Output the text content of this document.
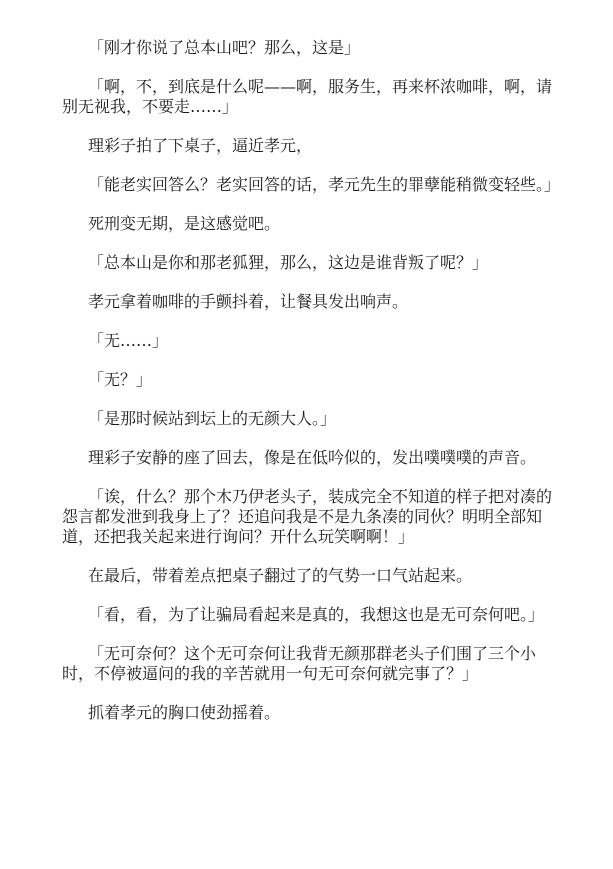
「刚才你说了总本山吧？那么，这是」

「啊，不，到底是什么呢——啊，服务生，再来杯浓咖啡，啊，请别无视我，不要走……」

理彩子拍了下桌子，逼近孝元，

「能老实回答么？老实回答的话，孝元先生的罪孽能稍微变轻些。」

死刑变无期，是这感觉吧。

「总本山是你和那老狐狸，那么，这边是谁背叛了呢？」

孝元拿着咖啡的手颤抖着，让餐具发出响声。

「无……」

「无？」

「是那时候站到坛上的无颜大人。」

理彩子安静的座了回去，像是在低吟似的，发出噗噗噗的声音。

「诶，什么？那个木乃伊老头子，装成完全不知道的样子把对凑的怨言都发泄到我身上了？还追问我是不是九条凑的同伙？明明全部知道，还把我关起来进行询问？开什么玩笑啊啊！」

在最后，带着差点把桌子翻过了的气势一口气站起来。

「看，看，为了让骗局看起来是真的，我想这也是无可奈何吧。」

「无可奈何？这个无可奈何让我背无颜那群老头子们围了三个小时，不停被逼问的我的辛苦就用一句无可奈何就完事了？」

抓着孝元的胸口使劲摇着。
